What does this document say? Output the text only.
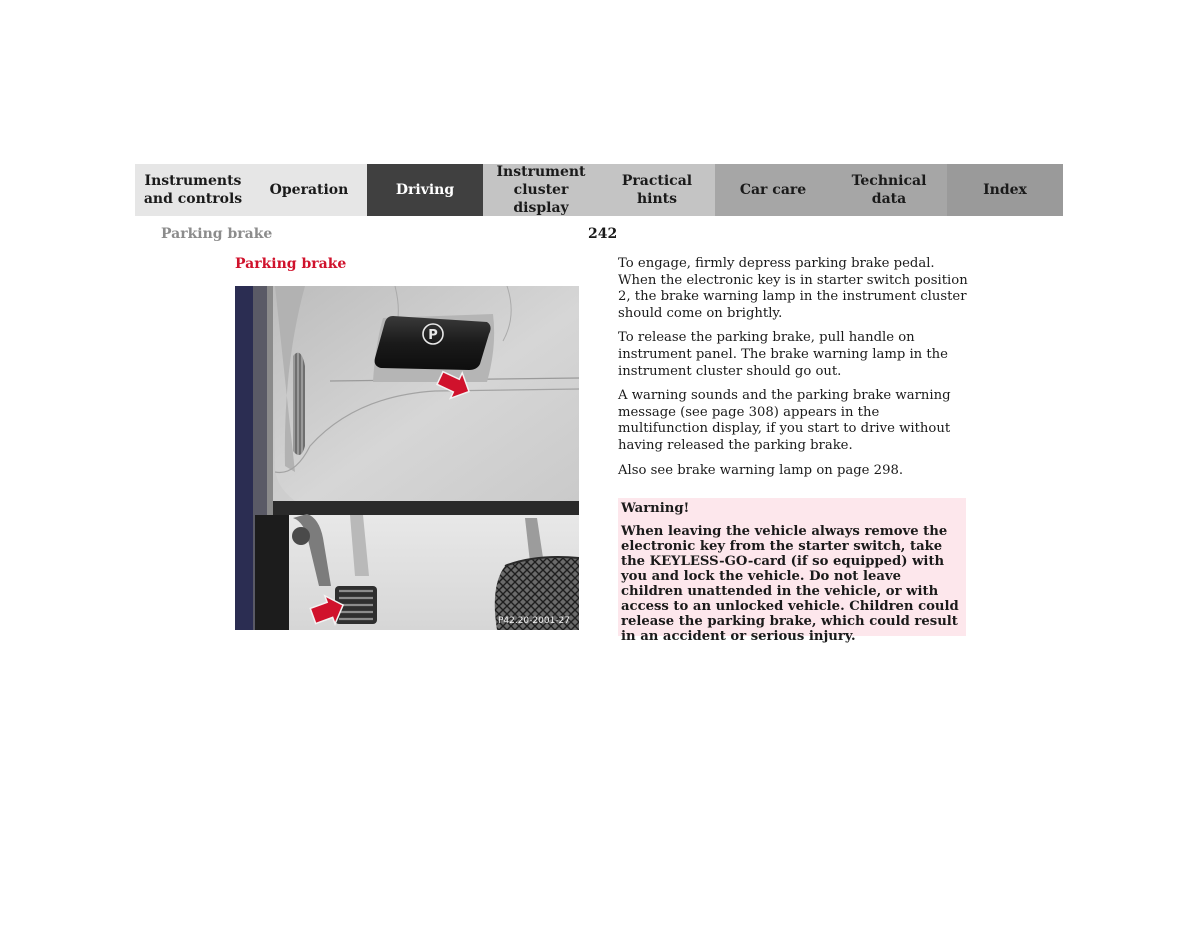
Instruments
and controls
Operation	Driving
Instrument
cluster display
Practical hints
Car care
Technical
data
Index
Parking brake	242
Parking brake
P
P42.20-2001-27

To engage, firmly depress parking brake pedal. When the electronic key is in starter switch position 2, the brake warning lamp in the instrument cluster should come on brightly.

To release the parking brake, pull handle on instrument panel. The brake warning lamp in the instrument cluster should go out.

A warning sounds and the parking brake warning message (see page 308) appears in the multifunction display, if you start to drive without having released the parking brake.

Also see brake warning lamp on page 298.

Warning!

When leaving the vehicle always remove the electronic key from the starter switch, take the KEYLESS-GO-card (if so equipped) with you and lock the vehicle. Do not leave children unattended in the vehicle, or with access to an unlocked vehicle. Children could release the parking brake, which could result in an accident or serious injury.
